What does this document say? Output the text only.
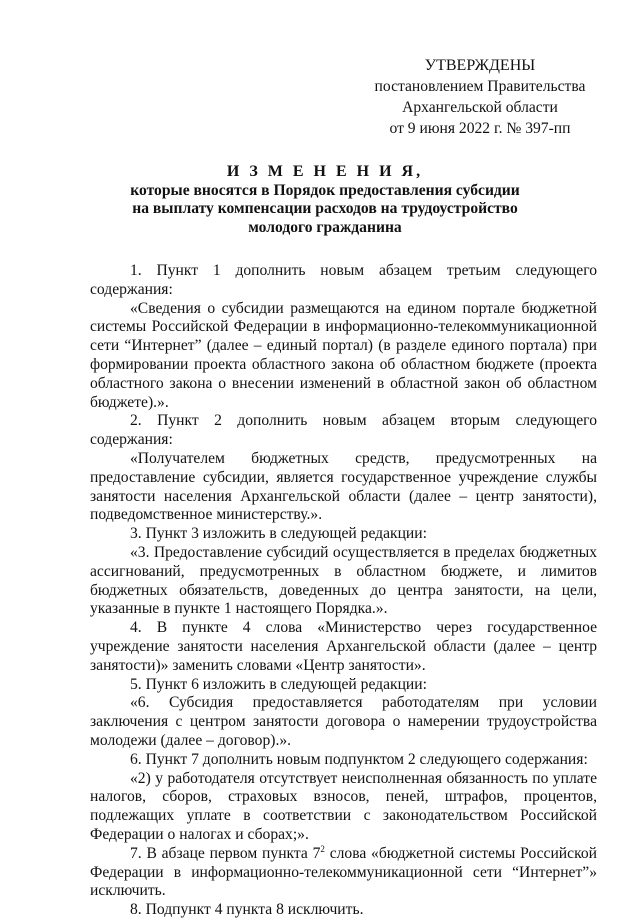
УТВЕРЖДЕНЫ
постановлением Правительства
Архангельской области
от 9 июня 2022 г. № 397-пп
И З М Е Н Е Н И Я,
которые вносятся в Порядок предоставления субсидии
на выплату компенсации расходов на трудоустройство
молодого гражданина

1. Пункт 1 дополнить новым абзацем третьим следующего содержания:

«Сведения о субсидии размещаются на едином портале бюджетной системы Российской Федерации в информационно-телекоммуникационной сети “Интернет” (далее – единый портал) (в разделе единого портала) при формировании проекта областного закона об областном бюджете (проекта областного закона о внесении изменений в областной закон об областном бюджете).».

2. Пункт 2 дополнить новым абзацем вторым следующего содержания:

«Получателем бюджетных средств, предусмотренных на предоставление субсидии, является государственное учреждение службы занятости населения Архангельской области (далее – центр занятости), подведомственное министерству.».

3. Пункт 3 изложить в следующей редакции:

«3. Предоставление субсидий осуществляется в пределах бюджетных ассигнований, предусмотренных в областном бюджете, и лимитов бюджетных обязательств, доведенных до центра занятости, на цели, указанные в пункте 1 настоящего Порядка.».

4. В пункте 4 слова «Министерство через государственное учреждение занятости населения Архангельской области (далее – центр занятости)» заменить словами «Центр занятости».

5. Пункт 6 изложить в следующей редакции:

«6. Субсидия предоставляется работодателям при условии заключения с центром занятости договора о намерении трудоустройства молодежи (далее – договор).».

6. Пункт 7 дополнить новым подпунктом 2 следующего содержания:

«2) у работодателя отсутствует неисполненная обязанность по уплате налогов, сборов, страховых взносов, пеней, штрафов, процентов, подлежащих уплате в соответствии с законодательством Российской Федерации о налогах и сборах;».

7. В абзаце первом пункта $7^2$ слова «бюджетной системы Российской Федерации в информационно-телекоммуникационной сети “Интернет”» исключить.

8. Подпункт 4 пункта 8 исключить.
